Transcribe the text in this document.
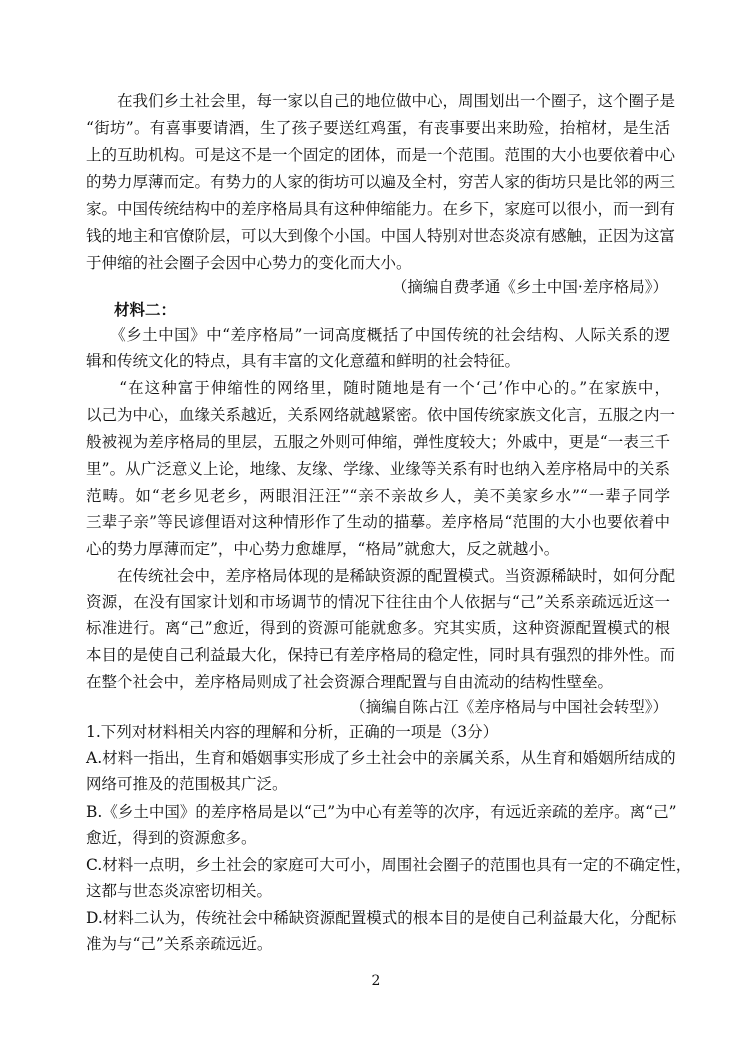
　　在我们乡土社会里，每一家以自己的地位做中心，周围划出一个圈子，这个圈子是
“街坊”。有喜事要请酒，生了孩子要送红鸡蛋，有丧事要出来助殓，抬棺材，是生活
上的互助机构。可是这不是一个固定的团体，而是一个范围。范围的大小也要依着中心
的势力厚薄而定。有势力的人家的街坊可以遍及全村，穷苦人家的街坊只是比邻的两三
家。中国传统结构中的差序格局具有这种伸缩能力。在乡下，家庭可以很小，而一到有
钱的地主和官僚阶层，可以大到像个小国。中国人特别对世态炎凉有感触，正因为这富
于伸缩的社会圈子会因中心势力的变化而大小。
（摘编自费孝通《乡土中国·差序格局》）
材料二：
　　《乡土中国》中“差序格局”一词高度概括了中国传统的社会结构、人际关系的逻
辑和传统文化的特点，具有丰富的文化意蕴和鲜明的社会特征。
　　“在这种富于伸缩性的网络里，随时随地是有一个‘己’作中心的。”在家族中，
以己为中心，血缘关系越近，关系网络就越紧密。依中国传统家族文化言，五服之内一
般被视为差序格局的里层，五服之外则可伸缩，弹性度较大；外戚中，更是“一表三千
里”。从广泛意义上论，地缘、友缘、学缘、业缘等关系有时也纳入差序格局中的关系
范畴。如“老乡见老乡，两眼泪汪汪”“亲不亲故乡人，美不美家乡水”“一辈子同学
三辈子亲”等民谚俚语对这种情形作了生动的描摹。差序格局“范围的大小也要依着中
心的势力厚薄而定”，中心势力愈雄厚，“格局”就愈大，反之就越小。
　　在传统社会中，差序格局体现的是稀缺资源的配置模式。当资源稀缺时，如何分配
资源，在没有国家计划和市场调节的情况下往往由个人依据与“己”关系亲疏远近这一
标准进行。离“己”愈近，得到的资源可能就愈多。究其实质，这种资源配置模式的根
本目的是使自己利益最大化，保持已有差序格局的稳定性，同时具有强烈的排外性。而
在整个社会中，差序格局则成了社会资源合理配置与自由流动的结构性壁垒。
（摘编自陈占江《差序格局与中国社会转型》）
1.下列对材料相关内容的理解和分析，正确的一项是（3分）
A.材料一指出，生育和婚姻事实形成了乡土社会中的亲属关系，从生育和婚姻所结成的
网络可推及的范围极其广泛。
B.《乡土中国》的差序格局是以“己”为中心有差等的次序，有远近亲疏的差序。离“己”
愈近，得到的资源愈多。
C.材料一点明，乡土社会的家庭可大可小，周围社会圈子的范围也具有一定的不确定性，
这都与世态炎凉密切相关。
D.材料二认为，传统社会中稀缺资源配置模式的根本目的是使自己利益最大化，分配标
准为与“己”关系亲疏远近。
2
